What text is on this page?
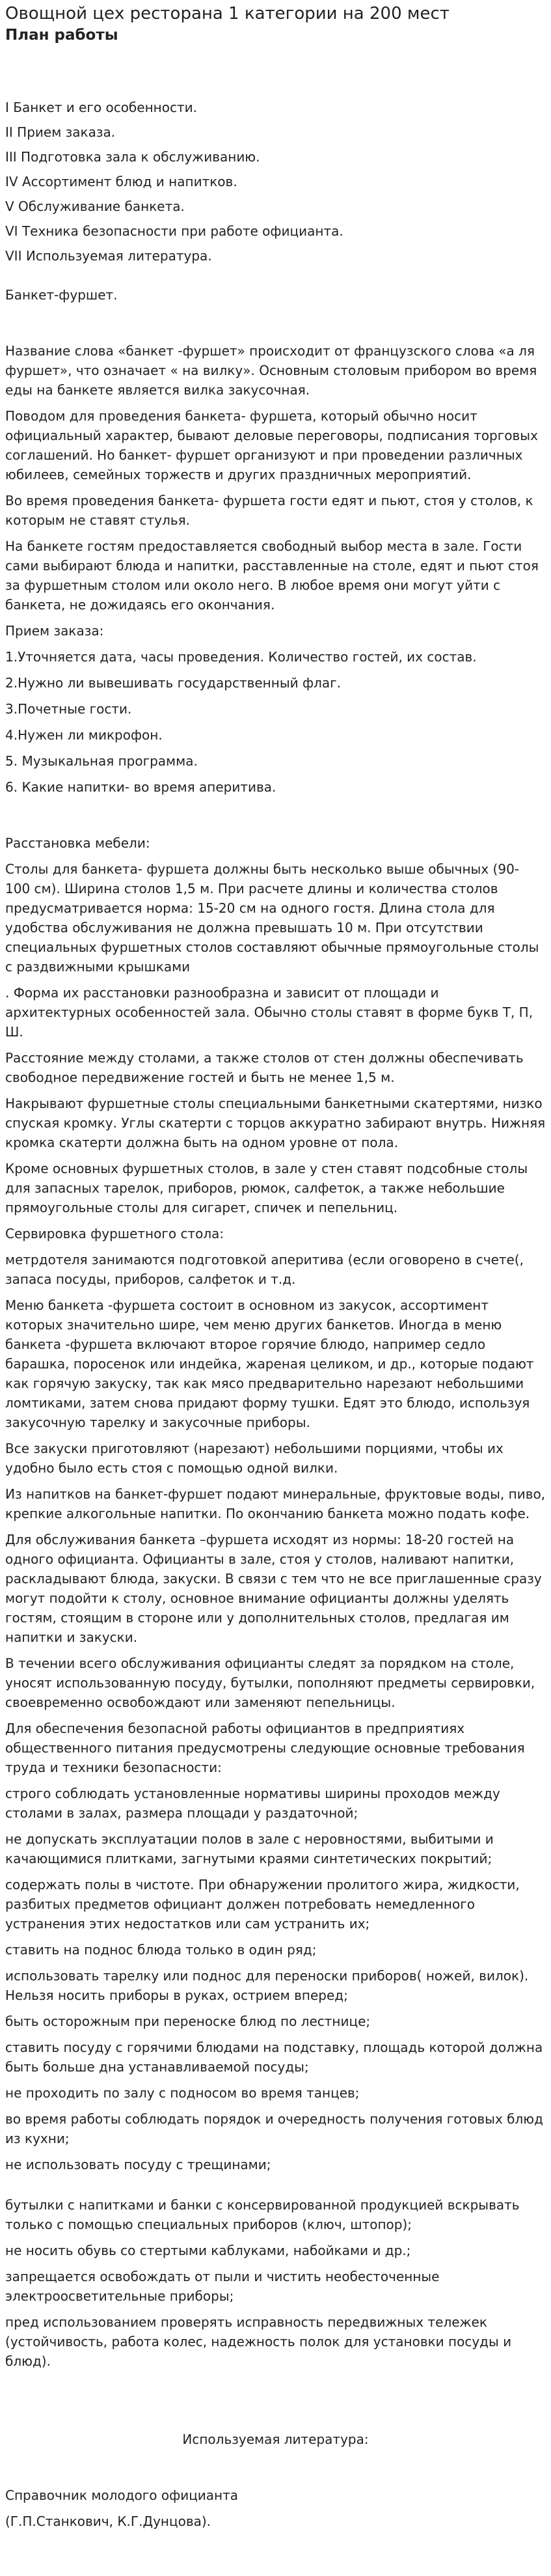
Овощной цех ресторана 1 категории на 200 мест
План работы

I Банкет и его особенности.

II Прием заказа.

III Подготовка зала к обслуживанию.

IV Ассортимент блюд и напитков.

V Обслуживание банкета.

VI Техника безопасности при работе официанта.

VII Используемая литература.

Банкет-фуршет.

Название слова «банкет -фуршет» происходит от французского слова «а ля фуршет», что означает « на вилку». Основным столовым прибором во время еды на банкете является вилка закусочная.

Поводом для проведения банкета- фуршета, который обычно носит официальный характер, бывают деловые переговоры, подписания торговых соглашений. Но банкет- фуршет организуют и при проведении различных юбилеев, семейных торжеств и других праздничных мероприятий.

Во время проведения банкета- фуршета гости едят и пьют, стоя у столов, к которым не ставят стулья.

На банкете гостям предоставляется свободный выбор места в зале. Гости сами выбирают блюда и напитки, расставленные на столе, едят и пьют стоя за фуршетным столом или около него. В любое время они могут уйти с банкета, не дожидаясь его окончания.

Прием заказа:

1.Уточняется дата, часы проведения. Количество гостей, их состав.

2.Нужно ли вывешивать государственный флаг.

3.Почетные гости.

4.Нужен ли микрофон.

5. Музыкальная программа.

6. Какие напитки- во время аперитива.

Расстановка мебели:

Столы для банкета- фуршета должны быть несколько выше обычных (90- 100 см). Ширина столов 1,5 м. При расчете длины и количества столов предусматривается норма: 15-20 см на одного гостя. Длина стола для удобства обслуживания не должна превышать 10 м. При отсутствии специальных фуршетных столов составляют обычные прямоугольные столы с раздвижными крышками

. Форма их расстановки разнообразна и зависит от площади и архитектурных особенностей зала. Обычно столы ставят в форме букв Т, П, Ш.

Расстояние между столами, а также столов от стен должны обеспечивать свободное передвижение гостей и быть не менее 1,5 м.

Накрывают фуршетные столы специальными банкетными скатертями, низко спуская кромку. Углы скатерти с торцов аккуратно забирают внутрь. Нижняя кромка скатерти должна быть на одном уровне от пола.

Кроме основных фуршетных столов, в зале у стен ставят подсобные столы для запасных тарелок, приборов, рюмок, салфеток, а также небольшие прямоугольные столы для сигарет, спичек и пепельниц.

Сервировка фуршетного стола:

метрдотеля занимаются подготовкой аперитива (если оговорено в счете(, запаса посуды, приборов, салфеток и т.д.

Меню банкета -фуршета состоит в основном из закусок, ассортимент которых значительно шире, чем меню других банкетов. Иногда в меню банкета -фуршета включают второе горячие блюдо, например седло барашка, поросенок или индейка, жареная целиком, и др., которые подают как горячую закуску, так как мясо предварительно нарезают небольшими ломтиками, затем снова придают форму тушки. Едят это блюдо, используя закусочную тарелку и закусочные приборы.

Все закуски приготовляют (нарезают) небольшими порциями, чтобы их удобно было есть стоя с помощью одной вилки.

Из напитков на банкет-фуршет подают минеральные, фруктовые воды, пиво, крепкие алкогольные напитки. По окончанию банкета можно подать кофе.

Для обслуживания банкета –фуршета исходят из нормы: 18-20 гостей на одного официанта. Официанты в зале, стоя у столов, наливают напитки, раскладывают блюда, закуски. В связи с тем что не все приглашенные сразу могут подойти к столу, основное внимание официанты должны уделять гостям, стоящим в стороне или у дополнительных столов, предлагая им напитки и закуски.

В течении всего обслуживания официанты следят за порядком на столе, уносят использованную посуду, бутылки, пополняют предметы сервировки, своевременно освобождают или заменяют пепельницы.

Для обеспечения безопасной работы официантов в предприятиях общественного питания предусмотрены следующие основные требования труда и техники безопасности:

строго соблюдать установленные нормативы ширины проходов между столами в залах, размера площади у раздаточной;

не допускать эксплуатации полов в зале с неровностями, выбитыми и качающимися плитками, загнутыми краями синтетических покрытий;

содержать полы в чистоте. При обнаружении пролитого жира, жидкости, разбитых предметов официант должен потребовать немедленного устранения этих недостатков или сам устранить их;

ставить на поднос блюда только в один ряд;

использовать тарелку или поднос для переноски приборов( ножей, вилок). Нельзя носить приборы в руках, острием вперед;

быть осторожным при переноске блюд по лестнице;

ставить посуду с горячими блюдами на подставку, площадь которой должна быть больше дна устанавливаемой посуды;

не проходить по залу с подносом во время танцев;

во время работы соблюдать порядок и очередность получения готовых блюд из кухни;

не использовать посуду с трещинами;

бутылки с напитками и банки с консервированной продукцией вскрывать только с помощью специальных приборов (ключ, штопор);

не носить обувь со стертыми каблуками, набойками и др.;

запрещается освобождать от пыли и чистить необесточенные электроосветительные приборы;

пред использованием проверять исправность передвижных тележек (устойчивость, работа колес, надежность полок для установки посуды и блюд).

Используемая литература:

Справочник молодого официанта

(Г.П.Станкович, К.Г.Дунцова).
